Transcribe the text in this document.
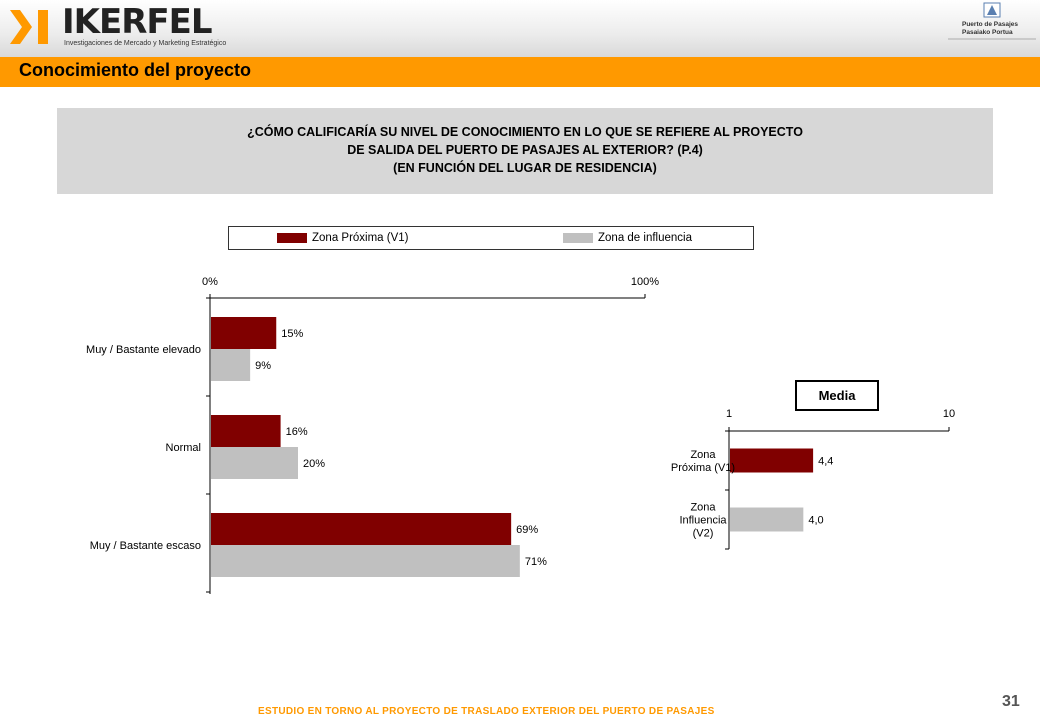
IKERFEL
Investigaciones de Mercado y Marketing Estratégico
Puerto de Pasajes
Pasaiako Portua
Conocimiento del proyecto
¿CÓMO CALIFICARÍA SU NIVEL DE CONOCIMIENTO EN LO QUE SE REFIERE AL PROYECTO
DE SALIDA DEL PUERTO DE PASAJES AL EXTERIOR? (P.4)
(EN FUNCIÓN DEL LUGAR DE RESIDENCIA)
Zona Próxima (V1)	Zona de influencia
0%	100%
Muy / Bastante elevado
15%
9%
Normal
16%
20%
Muy / Bastante escaso
69%
71%
1	10
4,4
Zona
Próxima (V1)
4,0
Zona
Influencia
(V2)
Media
ESTUDIO EN TORNO AL PROYECTO DE TRASLADO EXTERIOR DEL PUERTO DE PASAJES
31
